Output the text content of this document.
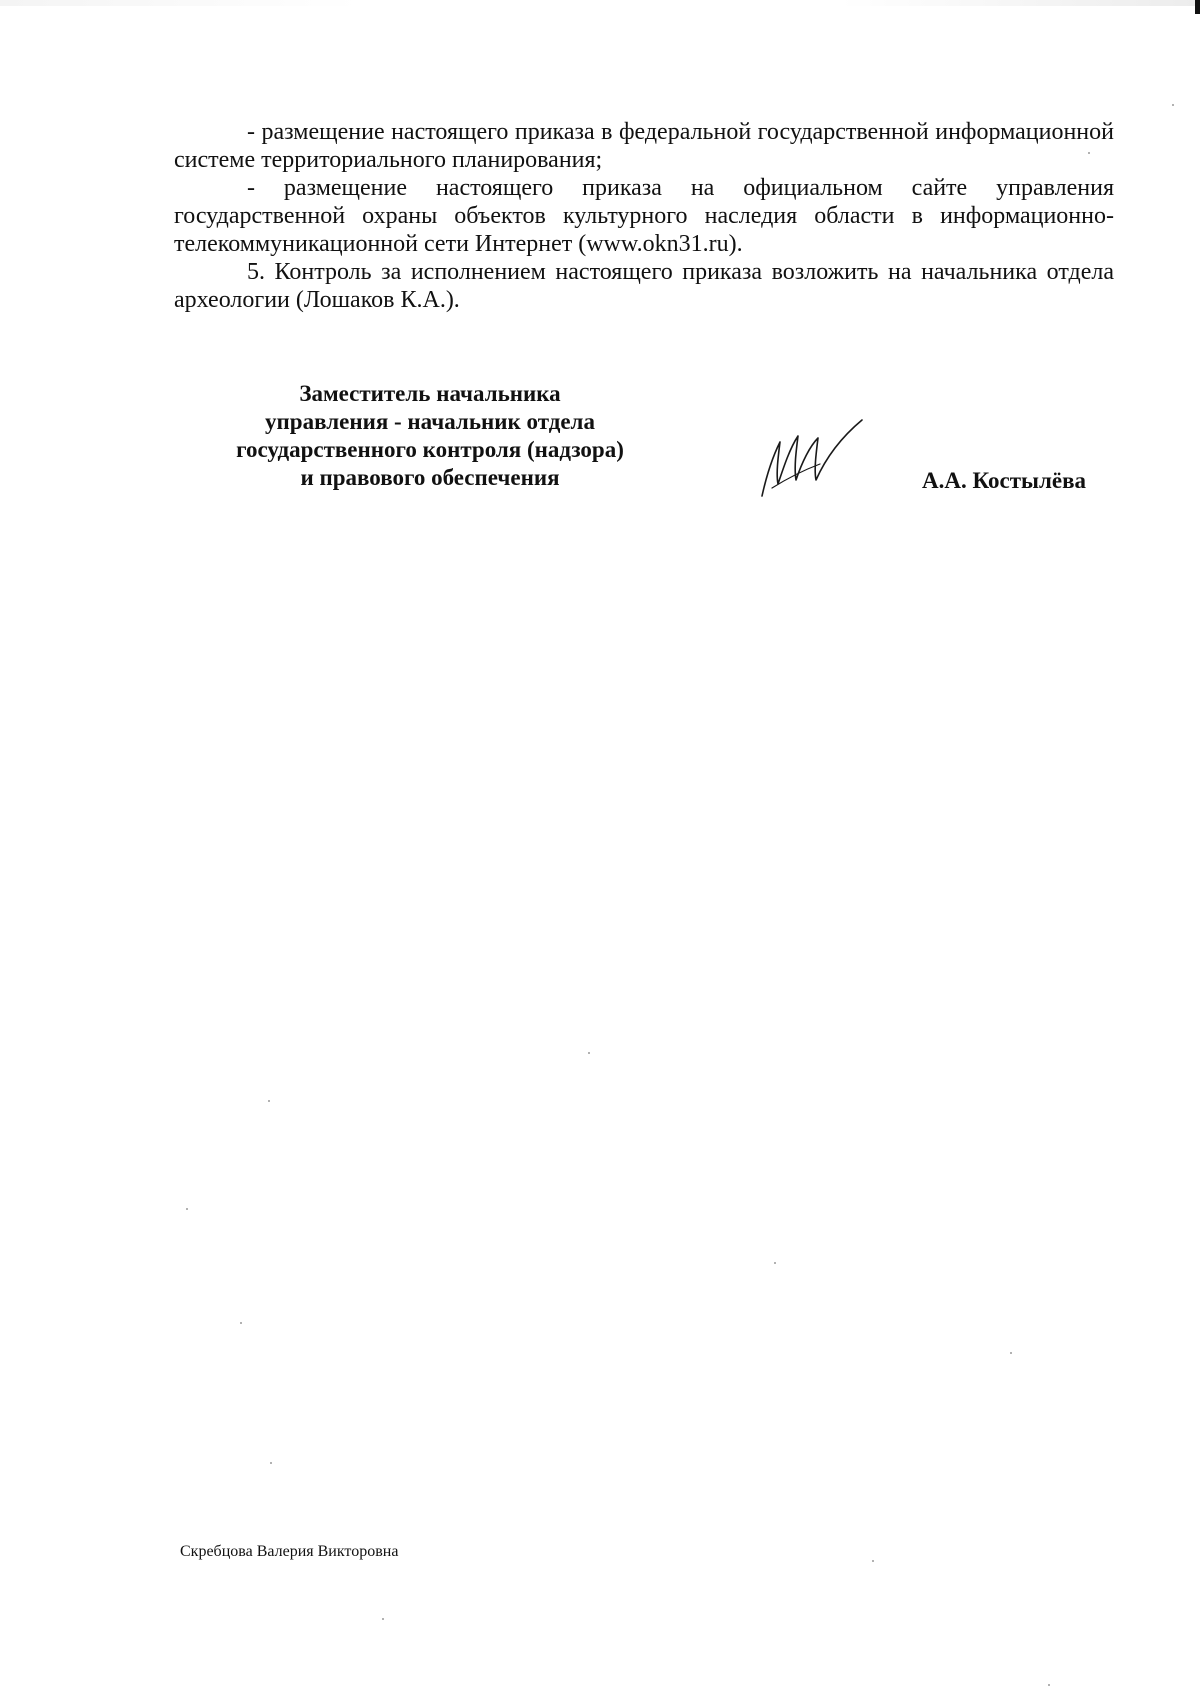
- размещение настоящего приказа в федеральной государственной информационной системе территориального планирования;

- размещение настоящего приказа на официальном сайте управления государственной охраны объектов культурного наследия области в информационно-телекоммуникационной сети Интернет (www.okn31.ru).

5. Контроль за исполнением настоящего приказа возложить на начальника отдела археологии (Лошаков К.А.).

Заместитель начальника
управления - начальник отдела
государственного контроля (надзора)
и правового обеспечения	А.А. Костылёва
Скребцова Валерия Викторовна
